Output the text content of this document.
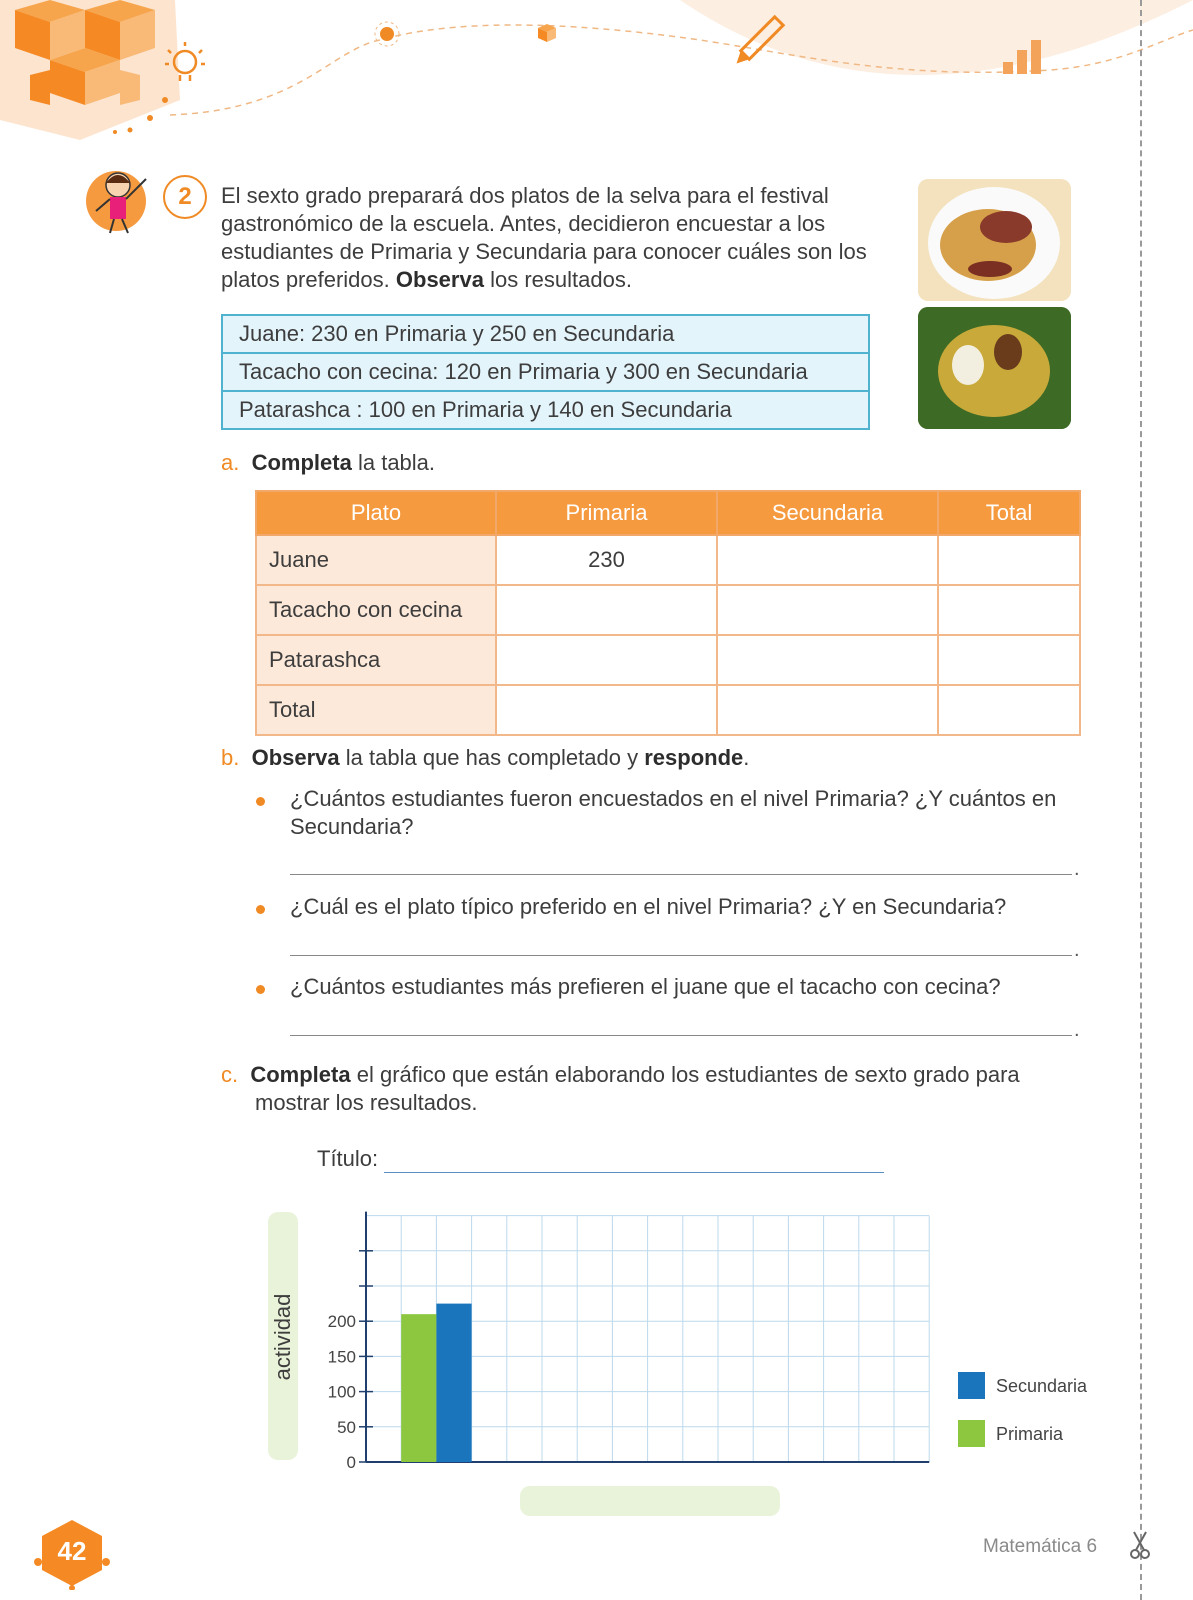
2	El sexto grado preparará dos platos de la selva para el festival
gastronómico de la escuela. Antes, decidieron encuestar a los
estudiantes de Primaria y Secundaria para conocer cuáles son los
platos preferidos. Observa los resultados.
Juane: 230 en Primaria y 250 en Secundaria
Tacacho con cecina: 120 en Primaria y 300 en Secundaria
Patarashca : 100 en Primaria y 140 en Secundaria
a. Completa la tabla.
Plato	Primaria	Secundaria	Total
Juane	230		
Tacacho con cecina			
Patarashca			
Total			
b. Observa la tabla que has completado y responde.
¿Cuántos estudiantes fueron encuestados en el nivel Primaria? ¿Y cuántos en
Secundaria?
.
¿Cuál es el plato típico preferido en el nivel Primaria? ¿Y en Secundaria?
.
¿Cuántos estudiantes más prefieren el juane que el tacacho con cecina?
.
c. Completa el gráfico que están elaborando los estudiantes de sexto grado para
mostrar los resultados.
Título:
actividad
0
50
100
150
200
Secundaria
Primaria
42	Matemática 6
